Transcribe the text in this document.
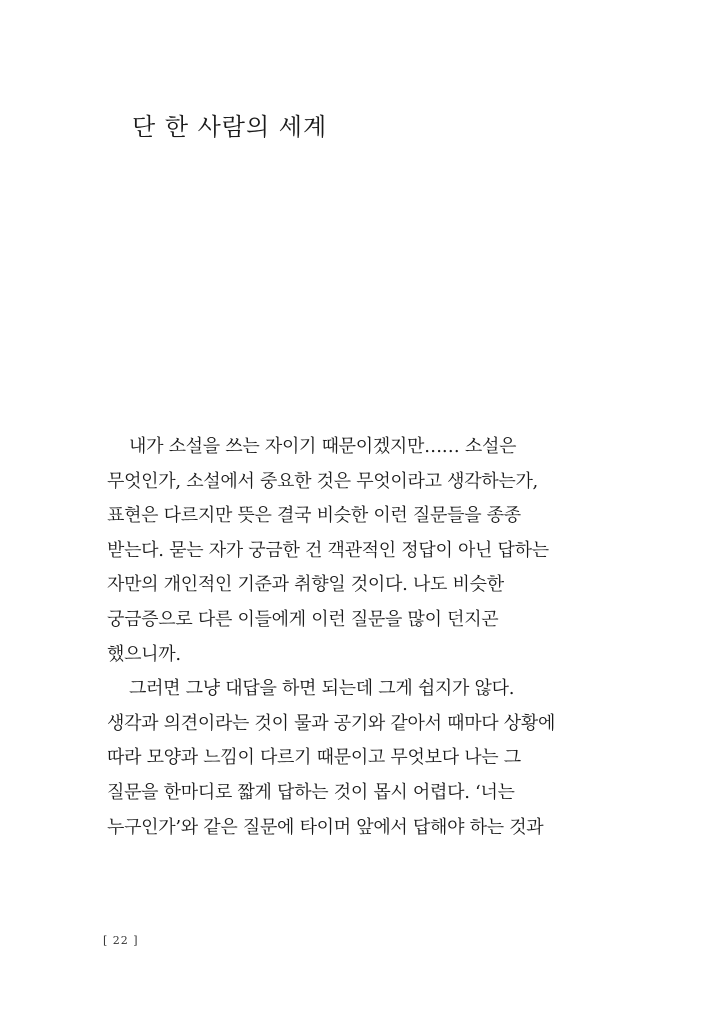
단 한 사람의 세계
내가 소설을 쓰는 자이기 때문이겠지만…… 소설은
무엇인가, 소설에서 중요한 것은 무엇이라고 생각하는가,
표현은 다르지만 뜻은 결국 비슷한 이런 질문들을 종종
받는다. 묻는 자가 궁금한 건 객관적인 정답이 아닌 답하는
자만의 개인적인 기준과 취향일 것이다. 나도 비슷한
궁금증으로 다른 이들에게 이런 질문을 많이 던지곤
했으니까.
그러면 그냥 대답을 하면 되는데 그게 쉽지가 않다.
생각과 의견이라는 것이 물과 공기와 같아서 때마다 상황에
따라 모양과 느낌이 다르기 때문이고 무엇보다 나는 그
질문을 한마디로 짧게 답하는 것이 몹시 어렵다. ‘너는
누구인가’와 같은 질문에 타이머 앞에서 답해야 하는 것과
[ 22 ]
